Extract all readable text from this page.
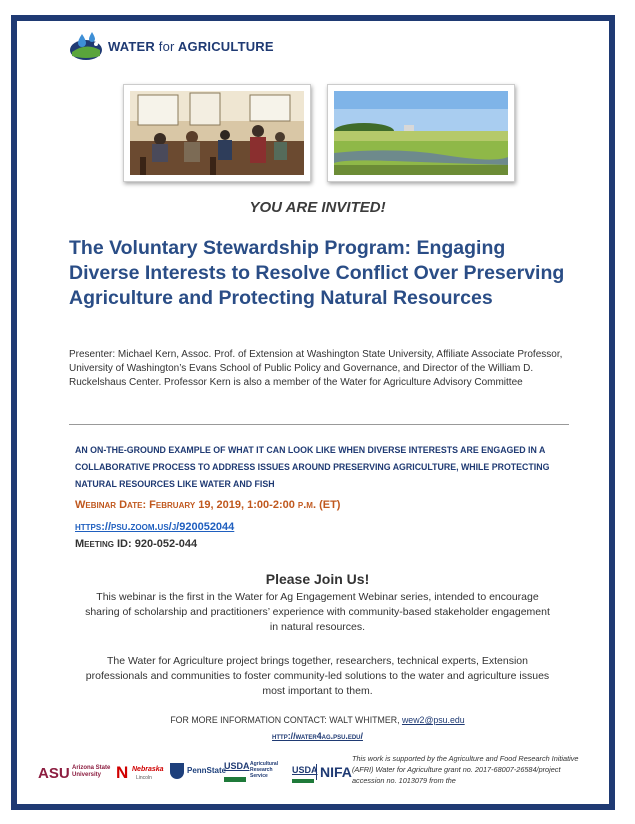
WATER for AGRICULTURE
YOU ARE INVITED!
The Voluntary Stewardship Program: Engaging Diverse Interests to Resolve Conflict Over Preserving Agriculture and Protecting Natural Resources
Presenter: Michael Kern, Assoc. Prof. of Extension at Washington State University, Affiliate Associate Professor, University of Washington’s Evans School of Public Policy and Governance, and Director of the William D. Ruckelshaus Center. Professor Kern is also a member of the Water for Agriculture Advisory Committee
AN ON-THE-GROUND EXAMPLE OF WHAT IT CAN LOOK LIKE WHEN DIVERSE INTERESTS ARE ENGAGED IN A COLLABORATIVE PROCESS TO ADDRESS ISSUES AROUND PRESERVING AGRICULTURE, WHILE PROTECTING NATURAL RESOURCES LIKE WATER AND FISH
Webinar Date: February 19, 2019, 1:00-2:00 p.m. (ET)
https://psu.zoom.us/j/920052044
Meeting ID: 920-052-044
Please Join Us!
This webinar is the first in the Water for Ag Engagement Webinar series, intended to encourage sharing of scholarship and practitioners’ experience with community-based stakeholder engagement in natural resources.
The Water for Agriculture project brings together, researchers, technical experts, Extension professionals and communities to foster community-led solutions to the water and agriculture issues most important to them.
FOR MORE INFORMATION CONTACT: WALT WHITMER, wew2@psu.edu
http://water4ag.psu.edu/
ASU Arizona State University N Nebraska
Lincoln
PennState
USDA Agricultural Research Service
USDA NIFA
This work is supported by the Agriculture and Food Research Initiative (AFRI) Water for Agriculture grant no. 2017-68007-26584/project accession no. 1013079 from the
